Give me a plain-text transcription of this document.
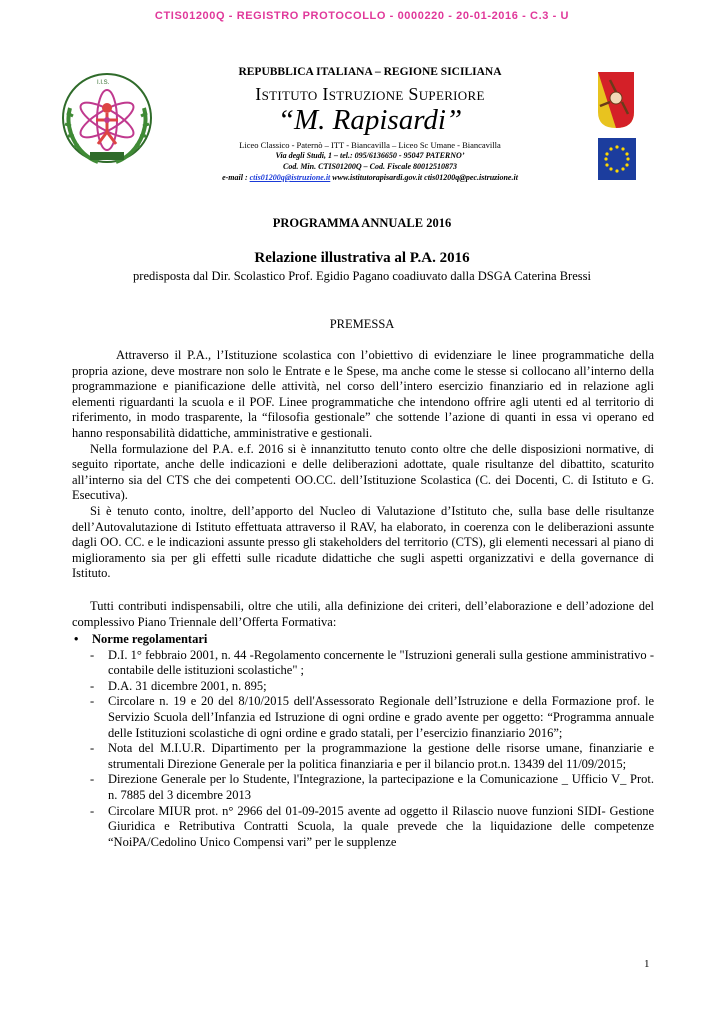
CTIS01200Q - REGISTRO PROTOCOLLO - 0000220 - 20-01-2016 - C.3 - U
I.I.S.
REPUBBLICA ITALIANA – REGIONE SICILIANA
Istituto Istruzione Superiore
“M. Rapisardi”
Liceo Classico - Paternò – ITT - Biancavilla – Liceo Sc Umane - Biancavilla
Via degli Studi, 1 – tel.: 095/6136650 - 95047 PATERNO’
Cod. Min. CTIS01200Q – Cod. Fiscale 80012510873
e-mail : ctis01200q@istruzione.it www.istitutorapisardi.gov.it ctis01200q@pec.istruzione.it
PROGRAMMA ANNUALE 2016
Relazione illustrativa al P.A. 2016
predisposta dal Dir. Scolastico Prof. Egidio Pagano coadiuvato dalla DSGA Caterina Bressi
PREMESSA

Attraverso il P.A., l’Istituzione scolastica con l’obiettivo di evidenziare le linee programmatiche della propria azione, deve mostrare non solo le Entrate e le Spese, ma anche come le stesse si collocano all’interno della programmazione e pianificazione delle attività, nel corso dell’intero esercizio finanziario ed in relazione agli elementi riguardanti la scuola e il POF. Linee programmatiche che intendono offrire agli utenti ed al territorio di riferimento, in modo trasparente, la “filosofia gestionale” che sottende l’azione di quanti in essa vi operano ed hanno responsabilità didattiche, amministrative e gestionali.

Nella formulazione del P.A. e.f. 2016 si è innanzitutto tenuto conto oltre che delle disposizioni normative, di seguito riportate, anche delle indicazioni e delle deliberazioni adottate, quale risultanze del dibattito, scaturito all’interno sia del CTS che dei competenti OO.CC. dell’Istituzione Scolastica (C. dei Docenti, C. di Istituto e G. Esecutiva).

Si è tenuto conto, inoltre, dell’apporto del Nucleo di Valutazione d’Istituto che, sulla base delle risultanze dell’Autovalutazione di Istituto effettuata attraverso il RAV, ha elaborato, in coerenza con le deliberazioni assunte dagli OO. CC. e le indicazioni assunte presso gli stakeholders del territorio (CTS), gli elementi necessari al piano di miglioramento sia per gli effetti sulle ricadute didattiche che sugli aspetti organizzativi e della governance di Istituto.

Tutti contributi indispensabili, oltre che utili, alla definizione dei criteri, dell’elaborazione e dell’adozione del complessivo Piano Triennale dell’Offerta Formativa:

• Norme regolamentari
- D.I. 1° febbraio 2001, n. 44 -Regolamento concernente le "Istruzioni generali sulla gestione amministrativo - contabile delle istituzioni scolastiche" ;
- D.A. 31 dicembre 2001, n. 895;
- Circolare n. 19 e 20 del 8/10/2015 dell'Assessorato Regionale dell’Istruzione e della Formazione prof. le Servizio Scuola dell’Infanzia ed Istruzione di ogni ordine e grado avente per oggetto: “Programma annuale delle Istituzioni scolastiche di ogni ordine e grado statali, per l’esercizio finanziario 2016”;
- Nota del M.I.U.R. Dipartimento per la programmazione la gestione delle risorse umane, finanziarie e strumentali Direzione Generale per la politica finanziaria e per il bilancio prot.n. 13439 del 11/09/2015;
- Direzione Generale per lo Studente, l'Integrazione, la partecipazione e la Comunicazione _ Ufficio V_ Prot. n. 7885 del 3 dicembre 2013
- Circolare MIUR prot. n° 2966 del 01-09-2015 avente ad oggetto il Rilascio nuove funzioni SIDI- Gestione Giuridica e Retributiva Contratti Scuola, la quale prevede che la liquidazione delle competenze “NoiPA/Cedolino Unico Compensi vari” per le supplenze
1
